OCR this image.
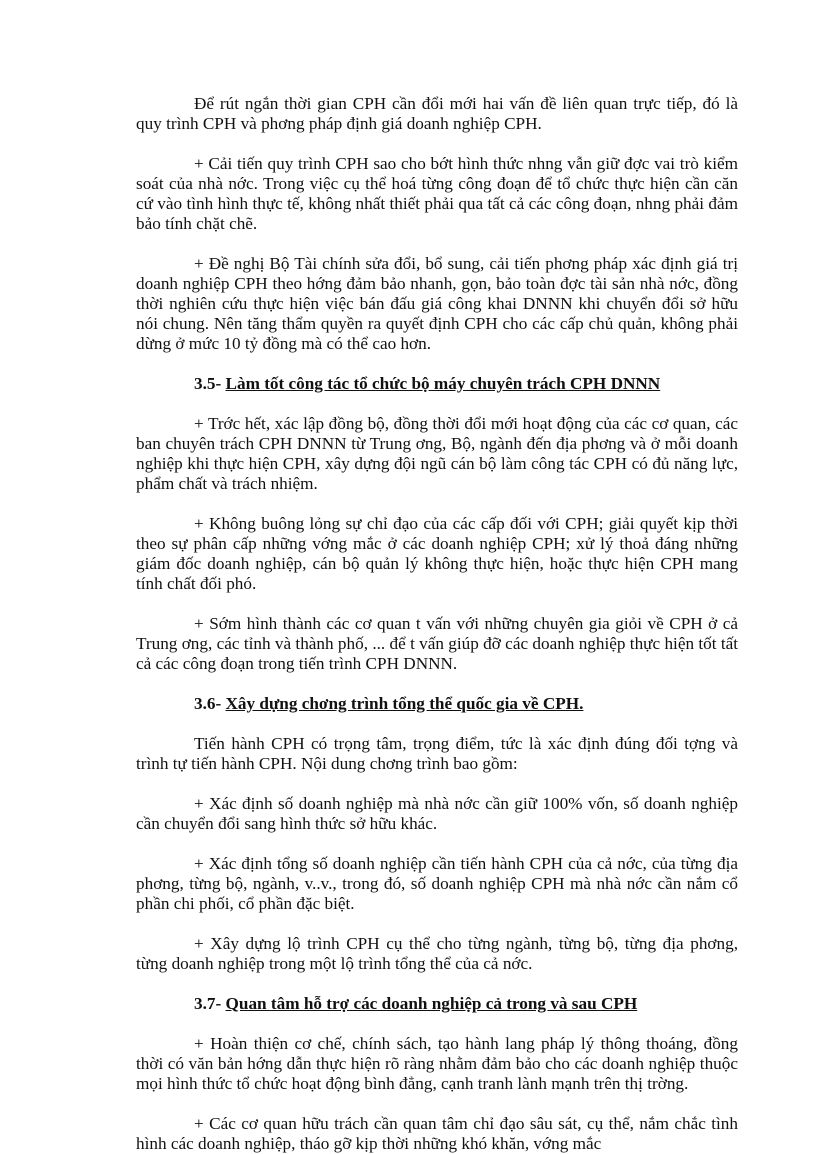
Để rút ngắn thời gian CPH cần đổi mới hai vấn đề liên quan trực tiếp, đó là quy trình CPH và phơng pháp định giá doanh nghiệp CPH.

+ Cải tiến quy trình CPH sao cho bớt hình thức nhng vẫn giữ đợc vai trò kiểm soát của nhà nớc. Trong việc cụ thể hoá từng công đoạn để tổ chức thực hiện cần căn cứ vào tình hình thực tế, không nhất thiết phải qua tất cả các công đoạn, nhng phải đảm bảo tính chặt chẽ.

+ Đề nghị Bộ Tài chính sửa đổi, bổ sung, cải tiến phơng pháp xác định giá trị doanh nghiệp CPH theo hớng đảm bảo nhanh, gọn, bảo toàn đợc tài sản nhà nớc, đồng thời nghiên cứu thực hiện việc bán đấu giá công khai DNNN khi chuyển đổi sở hữu nói chung. Nên tăng thẩm quyền ra quyết định CPH cho các cấp chủ quản, không phải dừng ở mức 10 tỷ đồng mà có thể cao hơn.

3.5- Làm tốt công tác tổ chức bộ máy chuyên trách CPH DNNN

+ Trớc hết, xác lập đồng bộ, đồng thời đổi mới hoạt động của các cơ quan, các ban chuyên trách CPH DNNN từ Trung ơng, Bộ, ngành đến địa phơng và ở mỗi doanh nghiệp khi thực hiện CPH, xây dựng đội ngũ cán bộ làm công tác CPH có đủ năng lực, phẩm chất và trách nhiệm.

+ Không buông lỏng sự chỉ đạo của các cấp đối với CPH; giải quyết kịp thời theo sự phân cấp những vớng mắc ở các doanh nghiệp CPH; xử lý thoả đáng những giám đốc doanh nghiệp, cán bộ quản lý không thực hiện, hoặc thực hiện CPH mang tính chất đối phó.

+ Sớm hình thành các cơ quan t vấn với những chuyên gia giỏi về CPH ở cả Trung ơng, các tỉnh và thành phố, ... để t vấn giúp đỡ các doanh nghiệp thực hiện tốt tất cả các công đoạn trong tiến trình CPH DNNN.

3.6- Xây dựng chơng trình tổng thể quốc gia về CPH.

Tiến hành CPH có trọng tâm, trọng điểm, tức là xác định đúng đối tợng và trình tự tiến hành CPH. Nội dung chơng trình bao gồm:

+ Xác định số doanh nghiệp mà nhà nớc cần giữ 100% vốn, số doanh nghiệp cần chuyển đổi sang hình thức sở hữu khác.

+ Xác định tổng số doanh nghiệp cần tiến hành CPH của cả nớc, của từng địa phơng, từng bộ, ngành, v..v., trong đó, số doanh nghiệp CPH mà nhà nớc cần nắm cổ phần chi phối, cổ phần đặc biệt.

+ Xây dựng lộ trình CPH cụ thể cho từng ngành, từng bộ, từng địa phơng, từng doanh nghiệp trong một lộ trình tổng thể của cả nớc.

3.7- Quan tâm hỗ trợ các doanh nghiệp cả trong và sau CPH

+ Hoàn thiện cơ chế, chính sách, tạo hành lang pháp lý thông thoáng, đồng thời có văn bản hớng dẫn thực hiện rõ ràng nhằm đảm bảo cho các doanh nghiệp thuộc mọi hình thức tổ chức hoạt động bình đẳng, cạnh tranh lành mạnh trên thị trờng.

+ Các cơ quan hữu trách cần quan tâm chỉ đạo sâu sát, cụ thể, nắm chắc tình hình các doanh nghiệp, tháo gỡ kịp thời những khó khăn, vớng mắc
